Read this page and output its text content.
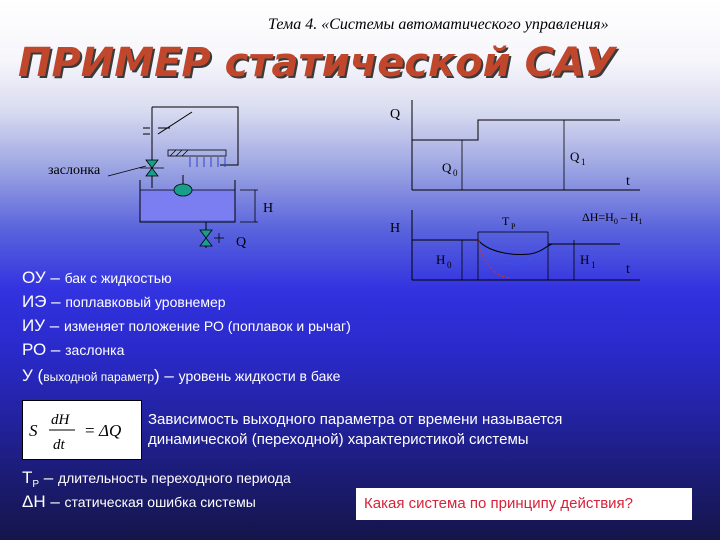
Тема 4. «Системы автоматического управления»
ПРИМЕР статической САУ
заслонка
H
Q
Q
Q 0
Q 1
t
H	T P
$\Delta H=H_0 - H_1$
H 0	H 1 t
ОУ – бак с жидкостью
ИЭ – поплавковый уровнемер
ИУ – изменяет положение РО (поплавок и рычаг)
РО – заслонка
У (выходной параметр) – уровень жидкости в баке
S
dH
dt
= ΔQ
Зависимость выходного параметра от времени называется
динамической (переходной) характеристикой системы
$T_P$ – длительность переходного периода
ΔH – статическая ошибка системы	Какая система по принципу действия?
